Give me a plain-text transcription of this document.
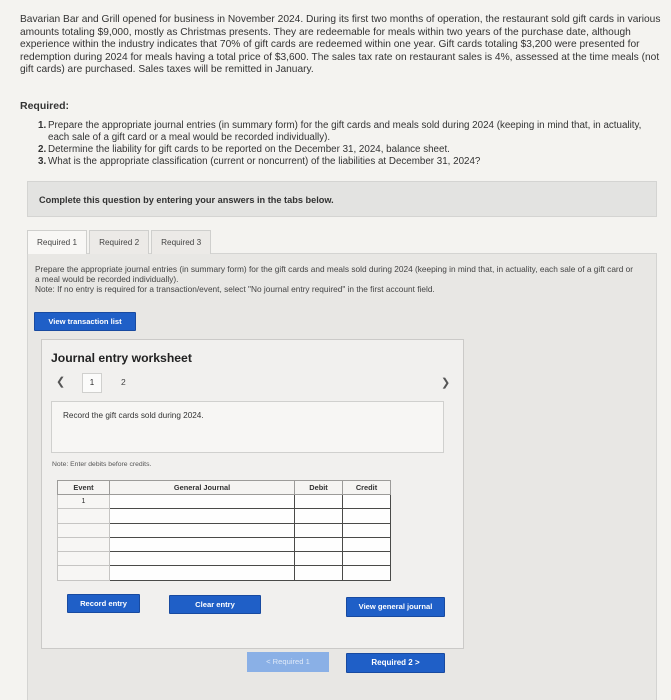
Bavarian Bar and Grill opened for business in November 2024. During its first two months of operation, the restaurant sold gift cards in various amounts totaling $9,000, mostly as Christmas presents. They are redeemable for meals within two years of the purchase date, although experience within the industry indicates that 70% of gift cards are redeemed within one year. Gift cards totaling $3,200 were presented for redemption during 2024 for meals having a total price of $3,600. The sales tax rate on restaurant sales is 4%, assessed at the time meals (not gift cards) are purchased. Sales taxes will be remitted in January.
Required:
1. Prepare the appropriate journal entries (in summary form) for the gift cards and meals sold during 2024 (keeping in mind that, in actuality, each sale of a gift card or a meal would be recorded individually).
2. Determine the liability for gift cards to be reported on the December 31, 2024, balance sheet.
3. What is the appropriate classification (current or noncurrent) of the liabilities at December 31, 2024?
Complete this question by entering your answers in the tabs below.
Required 1	Required 2	Required 3
Prepare the appropriate journal entries (in summary form) for the gift cards and meals sold during 2024 (keeping in mind that, in actuality, each sale of a gift card or a meal would be recorded individually).
Note: If no entry is required for a transaction/event, select "No journal entry required" in the first account field.
View transaction list
Journal entry worksheet
❮	1	2	❯
Record the gift cards sold during 2024.
Note: Enter debits before credits.
Event	General Journal	Debit	Credit
1			

Record entry	Clear entry	View general journal
< Required 1	Required 2 >
